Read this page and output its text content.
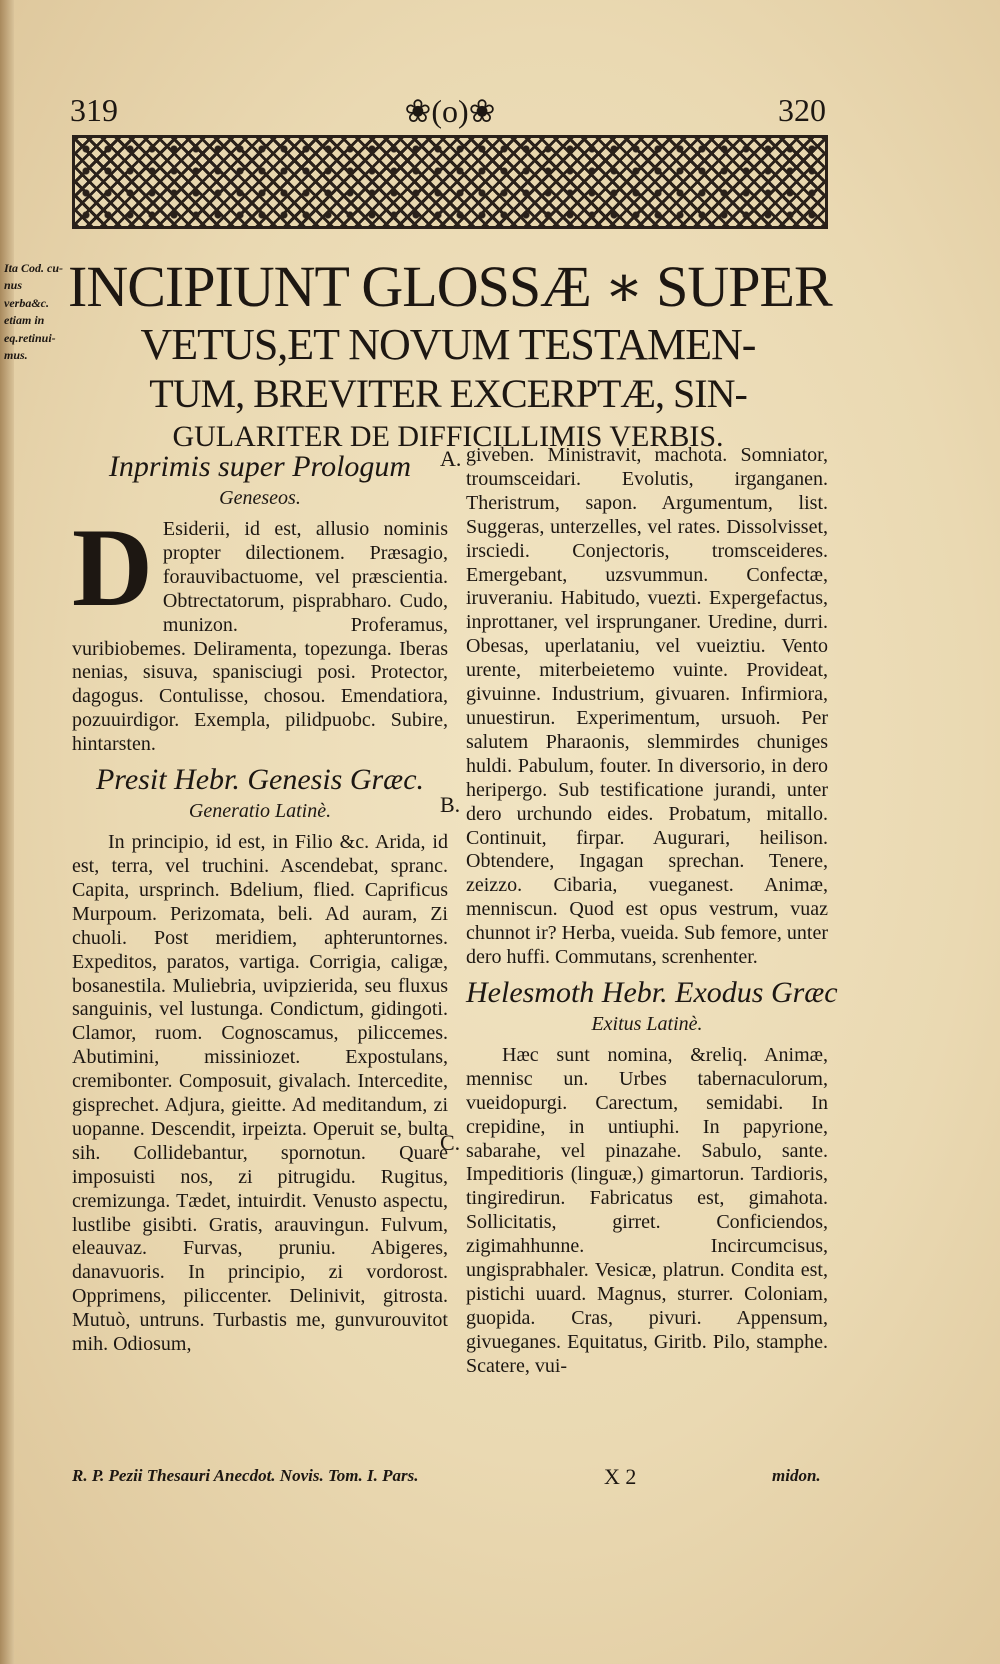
319	❀(o)❀	320
Ita Cod. cu-nus verba&c. etiam in eq.retinui-mus.
INCIPIUNT GLOSSÆ ∗ SUPER
VETUS,ET NOVUM TESTAMEN-
TUM, BREVITER EXCERPTÆ, SIN-
GULARITER DE DIFFICILLIMIS VERBIS.
Inprimis super Prologum
Geneseos.

D Esiderii, id est, allusio nominis propter dilectionem. Præsagio, forauvibactuome, vel præscientia. Obtrectatorum, pisprabharo. Cudo, munizon. Proferamus, vuribiobemes. Deliramenta, topezunga. Iberas nenias, sisuva, spanisciugi posi. Protector, dagogus. Contulisse, chosou. Emendatiora, pozuuirdigor. Exempla, pilidpuobc. Subire, hintarsten.

Presit Hebr. Genesis Græc.
Generatio Latinè.

In principio, id est, in Filio &c. Arida, id est, terra, vel truchini. Ascendebat, spranc. Capita, ursprinch. Bdelium, flied. Caprificus Murpoum. Perizomata, beli. Ad auram, Zi chuoli. Post meridiem, aphteruntornes. Expeditos, paratos, vartiga. Corrigia, caligæ, bosanestila. Muliebria, uvipzierida, seu fluxus sanguinis, vel lustunga. Condictum, gidingoti. Clamor, ruom. Cognoscamus, piliccemes. Abutimini, missiniozet. Expostulans, cremibonter. Composuit, givalach. Intercedite, gisprechet. Adjura, gieitte. Ad meditandum, zi uopanne. Descendit, irpeizta. Operuit se, bulta sih. Collidebantur, spornotun. Quare imposuisti nos, zi pitrugidu. Rugitus, cremizunga. Tædet, intuirdit. Venusto aspectu, lustlibe gisibti. Gratis, arauvingun. Fulvum, eleauvaz. Furvas, pruniu. Abigeres, danavuoris. In principio, zi vordorost. Opprimens, piliccenter. Delinivit, gitrosta. Mutuò, untruns. Turbastis me, gunvurouvitot mih. Odiosum,

giveben. Ministravit, machota. Somniator, troumsceidari. Evolutis, irganganen. Theristrum, sapon. Argumentum, list. Suggeras, unterzelles, vel rates. Dissolvisset, irsciedi. Conjectoris, tromsceideres. Emergebant, uzsvummun. Confectæ, iruveraniu. Habitudo, vuezti. Expergefactus, inprottaner, vel irsprunganer. Uredine, durri. Obesas, uperlataniu, vel vueiztiu. Vento urente, miterbeietemo vuinte. Provideat, givuinne. Industrium, givuaren. Infirmiora, unuestirun. Experimentum, ursuoh. Per salutem Pharaonis, slemmirdes chuniges huldi. Pabulum, fouter. In diversorio, in dero heripergo. Sub testificatione jurandi, unter dero urchundo eides. Probatum, mitallo. Continuit, firpar. Augurari, heilison. Obtendere, Ingagan sprechan. Tenere, zeizzo. Cibaria, vueganest. Animæ, menniscun. Quod est opus vestrum, vuaz chunnot ir? Herba, vueida. Sub femore, unter dero huffi. Commutans, screnhenter.

Helesmoth Hebr. Exodus Græc
Exitus Latinè.

Hæc sunt nomina, &reliq. Animæ, mennisc un. Urbes tabernaculorum, vueidopurgi. Carectum, semidabi. In crepidine, in untiuphi. In papyrione, sabarahe, vel pinazahe. Sabulo, sante. Impeditioris (linguæ,) gimartorun. Tardioris, tingiredirun. Fabricatus est, gimahota. Sollicitatis, girret. Conficiendos, zigimahhunne. Incircumcisus, ungisprabhaler. Vesicæ, platrun. Condita est, pistichi uuard. Magnus, sturrer. Coloniam, guopida. Cras, pivuri. Appensum, givueganes. Equitatus, Giritb. Pilo, stamphe. Scatere, vui-

A.
B.
C.
R. P. Pezii Thesauri Anecdot. Novis. Tom. I. Pars.	X 2	midon.
